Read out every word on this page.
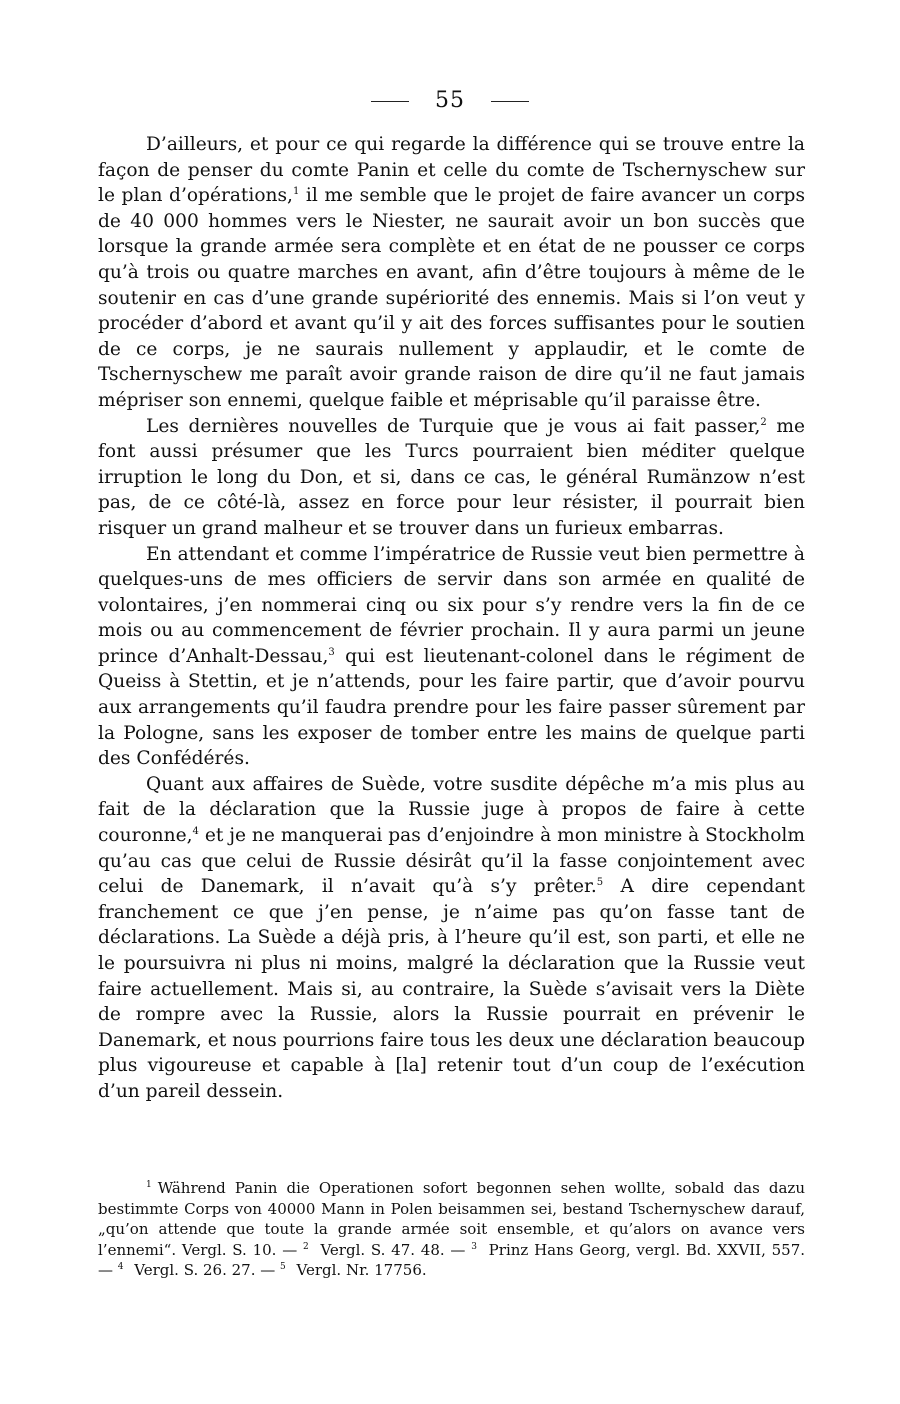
55

D’ailleurs, et pour ce qui regarde la différence qui se trouve entre la façon de penser du comte Panin et celle du comte de Tschernyschew sur le plan d’opérations,$^1$ il me semble que le projet de faire avancer un corps de 40 000 hommes vers le Niester, ne saurait avoir un bon succès que lorsque la grande armée sera complète et en état de ne pousser ce corps qu’à trois ou quatre marches en avant, afin d’être toujours à même de le soutenir en cas d’une grande supériorité des ennemis. Mais si l’on veut y procéder d’abord et avant qu’il y ait des forces suffisantes pour le soutien de ce corps, je ne saurais nullement y applaudir, et le comte de Tschernyschew me paraît avoir grande raison de dire qu’il ne faut jamais mépriser son ennemi, quelque faible et méprisable qu’il paraisse être.

Les dernières nouvelles de Turquie que je vous ai fait passer,$^2$ me font aussi présumer que les Turcs pourraient bien méditer quelque irruption le long du Don, et si, dans ce cas, le général Rumänzow n’est pas, de ce côté-là, assez en force pour leur résister, il pourrait bien risquer un grand malheur et se trouver dans un furieux embarras.

En attendant et comme l’impératrice de Russie veut bien permettre à quelques-uns de mes officiers de servir dans son armée en qualité de volontaires, j’en nommerai cinq ou six pour s’y rendre vers la fin de ce mois ou au commencement de février prochain. Il y aura parmi un jeune prince d’Anhalt-Dessau,$^3$ qui est lieutenant-colonel dans le régiment de Queiss à Stettin, et je n’attends, pour les faire partir, que d’avoir pourvu aux arrangements qu’il faudra prendre pour les faire passer sûrement par la Pologne, sans les exposer de tomber entre les mains de quelque parti des Confédérés.

Quant aux affaires de Suède, votre susdite dépêche m’a mis plus au fait de la déclaration que la Russie juge à propos de faire à cette couronne,$^4$ et je ne manquerai pas d’enjoindre à mon ministre à Stockholm qu’au cas que celui de Russie désirât qu’il la fasse conjointement avec celui de Danemark, il n’avait qu’à s’y prêter.$^5$ A dire cependant franchement ce que j’en pense, je n’aime pas qu’on fasse tant de déclarations. La Suède a déjà pris, à l’heure qu’il est, son parti, et elle ne le poursuivra ni plus ni moins, malgré la déclaration que la Russie veut faire actuellement. Mais si, au contraire, la Suède s’avisait vers la Diète de rompre avec la Russie, alors la Russie pourrait en prévenir le Danemark, et nous pourrions faire tous les deux une déclaration beaucoup plus vigoureuse et capable à [la] retenir tout d’un coup de l’exécution d’un pareil dessein.

$^1$ Während Panin die Operationen sofort begonnen sehen wollte, sobald das dazu bestimmte Corps von 40000 Mann in Polen beisammen sei, bestand Tschernyschew darauf, „qu’on attende que toute la grande armée soit ensemble, et qu’alors on avance vers l’ennemi“. Vergl. S. 10. — $^2$ Vergl. S. 47. 48. — $^3$ Prinz Hans Georg, vergl. Bd. XXVII, 557. — $^4$ Vergl. S. 26. 27. — $^5$ Vergl. Nr. 17756.
